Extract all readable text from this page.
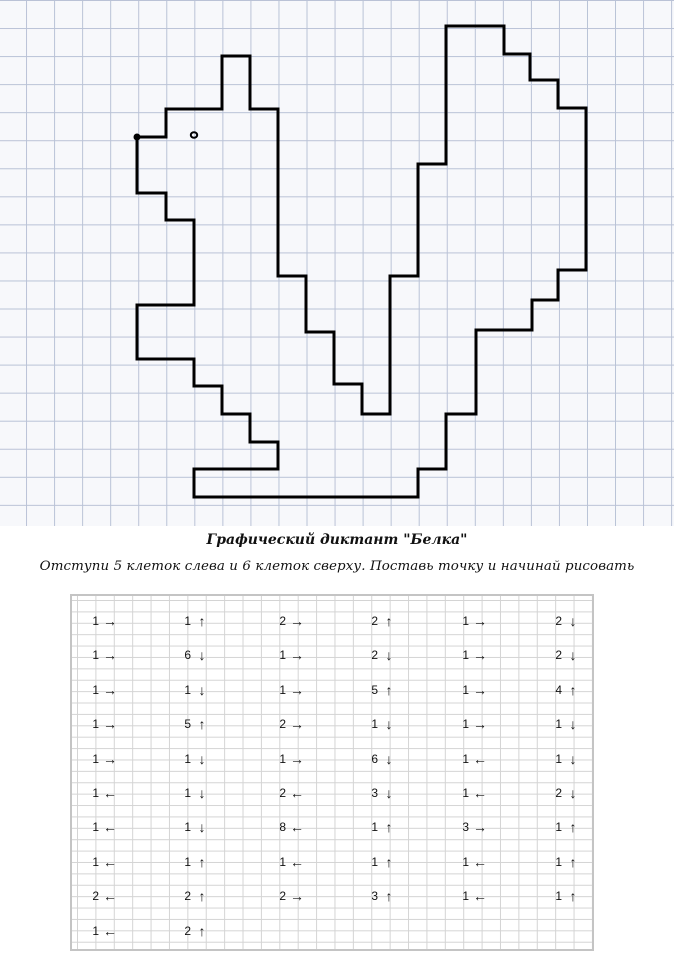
Графический диктант "Белка"
Отступи 5 клеток слева и 6 клеток сверху. Поставь точку и начинай рисовать
1 →
1 →
1 →
1 →
1 →
1 ←
1 ←
1 ←
2 ←
1 ←
1 ↑
6 ↓
1 ↓
5 ↑
1 ↓
1 ↓
1 ↓
1 ↑
2 ↑
2 ↑
2 →
1 →
1 →
2 →
1 →
2 ←
8 ←
1 ←
2 →
2 ↑
2 ↓
5 ↑
1 ↓
6 ↓
3 ↓
1 ↑
1 ↑
3 ↑
1 →
1 →
1 →
1 →
1 ←
1 ←
3 →
1 ←
1 ←
2 ↓
2 ↓
4 ↑
1 ↓
1 ↓
2 ↓
1 ↑
1 ↑
1 ↑
